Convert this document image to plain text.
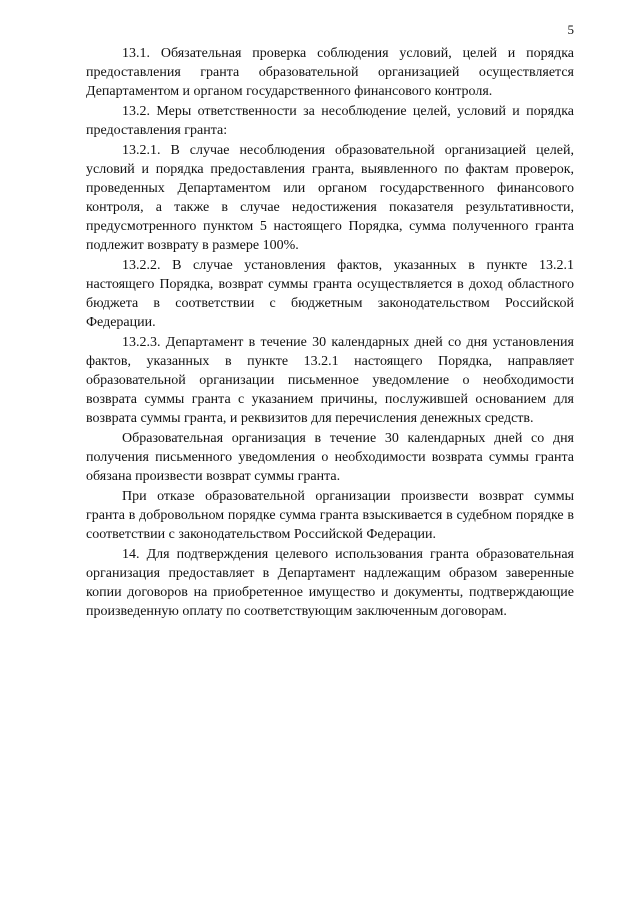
5

13.1. Обязательная проверка соблюдения условий, целей и порядка предоставления гранта образовательной организацией осуществляется Департаментом и органом государственного финансового контроля.

13.2. Меры ответственности за несоблюдение целей, условий и порядка предоставления гранта:

13.2.1. В случае несоблюдения образовательной организацией целей, условий и порядка предоставления гранта, выявленного по фактам проверок, проведенных Департаментом или органом государственного финансового контроля, а также в случае недостижения показателя результативности, предусмотренного пунктом 5 настоящего Порядка, сумма полученного гранта подлежит возврату в размере 100%.

13.2.2. В случае установления фактов, указанных в пункте 13.2.1 настоящего Порядка, возврат суммы гранта осуществляется в доход областного бюджета в соответствии с бюджетным законодательством Российской Федерации.

13.2.3. Департамент в течение 30 календарных дней со дня установления фактов, указанных в пункте 13.2.1 настоящего Порядка, направляет образовательной организации письменное уведомление о необходимости возврата суммы гранта с указанием причины, послужившей основанием для возврата суммы гранта, и реквизитов для перечисления денежных средств.

Образовательная организация в течение 30 календарных дней со дня получения письменного уведомления о необходимости возврата суммы гранта обязана произвести возврат суммы гранта.

При отказе образовательной организации произвести возврат суммы гранта в добровольном порядке сумма гранта взыскивается в судебном порядке в соответствии с законодательством Российской Федерации.

14. Для подтверждения целевого использования гранта образовательная организация предоставляет в Департамент надлежащим образом заверенные копии договоров на приобретенное имущество и документы, подтверждающие произведенную оплату по соответствующим заключенным договорам.
